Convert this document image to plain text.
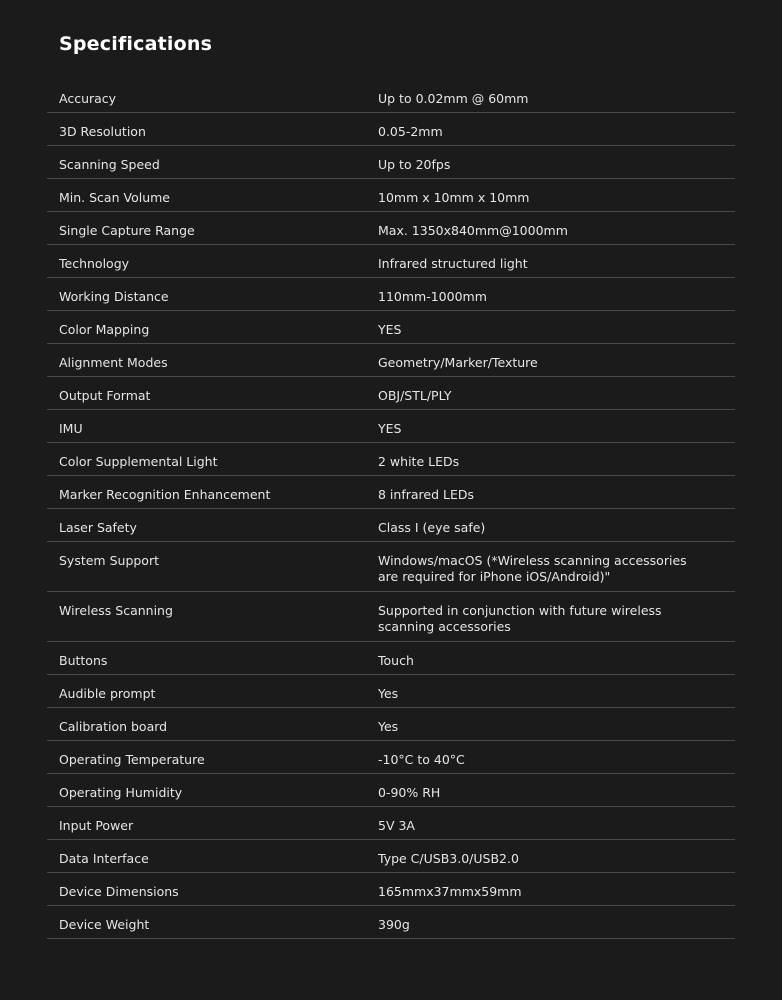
Specifications
Accuracy	Up to 0.02mm @ 60mm
3D Resolution	0.05-2mm
Scanning Speed	Up to 20fps
Min. Scan Volume	10mm x 10mm x 10mm
Single Capture Range	Max. 1350x840mm@1000mm
Technology	Infrared structured light
Working Distance	110mm-1000mm
Color Mapping	YES
Alignment Modes	Geometry/Marker/Texture
Output Format	OBJ/STL/PLY
IMU	YES
Color Supplemental Light	2 white LEDs
Marker Recognition Enhancement	8 infrared LEDs
Laser Safety	Class I (eye safe)
System Support	Windows/macOS (*Wireless scanning accessories are required for iPhone iOS/Android)"
Wireless Scanning	Supported in conjunction with future wireless scanning accessories
Buttons	Touch
Audible prompt	Yes
Calibration board	Yes
Operating Temperature	-10°C to 40°C
Operating Humidity	0-90% RH
Input Power	5V 3A
Data Interface	Type C/USB3.0/USB2.0
Device Dimensions	165mmx37mmx59mm
Device Weight	390g
